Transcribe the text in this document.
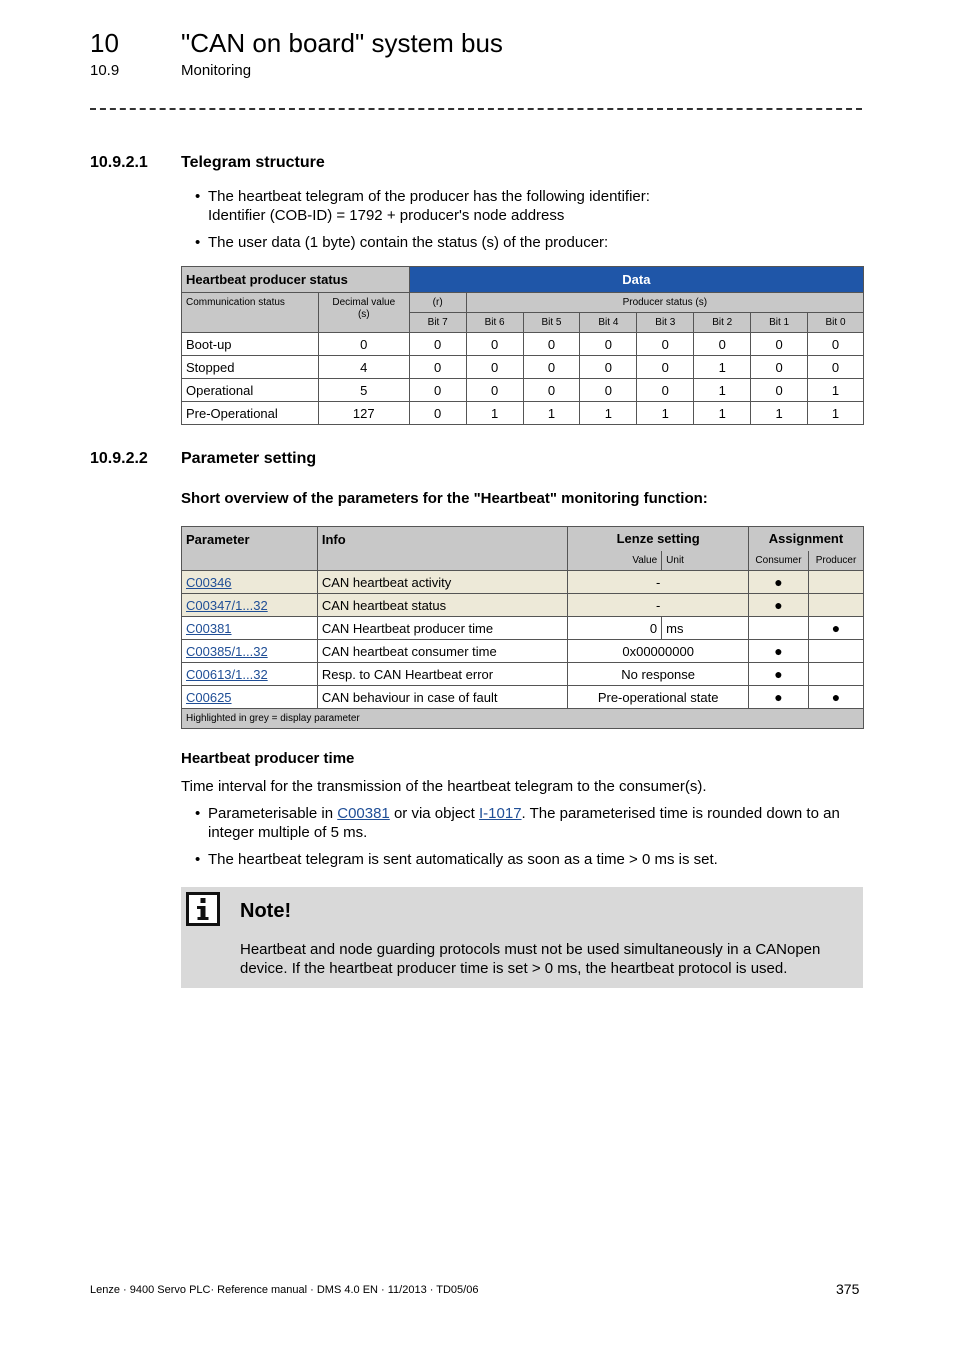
10 "CAN on board" system bus
10.9	Monitoring
10.9.2.1 Telegram structure
• The heartbeat telegram of the producer has the following identifier:
Identifier (COB-ID) = 1792 + producer's node address
• The user data (1 byte) contain the status (s) of the producer:
Heartbeat producer status		Data							
Communication status	Decimal value
(s)	(r)	Producer status (s)						
		Bit 7	Bit 6	Bit 5	Bit 4	Bit 3	Bit 2	Bit 1	Bit 0
Boot-up	0	0	0	0	0	0	0	0	0
Stopped	4	0	0	0	0	0	1	0	0
Operational	5	0	0	0	0	0	1	0	1
Pre-Operational	127	0	1	1	1	1	1	1	1
10.9.2.2 Parameter setting
Short overview of the parameters for the "Heartbeat" monitoring function:
Parameter	Info	Lenze setting		Assignment	
		Value	Unit	Consumer	Producer
C00346	CAN heartbeat activity	-		●	
C00347/1...32	CAN heartbeat status	-		●	
C00381	CAN Heartbeat producer time	0	ms		●
C00385/1...32	CAN heartbeat consumer time	0x00000000		●	
C00613/1...32	Resp. to CAN Heartbeat error	No response		●	
C00625	CAN behaviour in case of fault	Pre-operational state		●	●
Highlighted in grey = display parameter					
Heartbeat producer time
Time interval for the transmission of the heartbeat telegram to the consumer(s).
• Parameterisable in C00381 or via object I-1017. The parameterised time is rounded down to an
integer multiple of 5 ms.
• The heartbeat telegram is sent automatically as soon as a time > 0 ms is set.
Note!
Heartbeat and node guarding protocols must not be used simultaneously in a CANopen
device. If the heartbeat producer time is set > 0 ms, the heartbeat protocol is used.
Lenze · 9400 Servo PLC· Reference manual · DMS 4.0 EN · 11/2013 · TD05/06	375
